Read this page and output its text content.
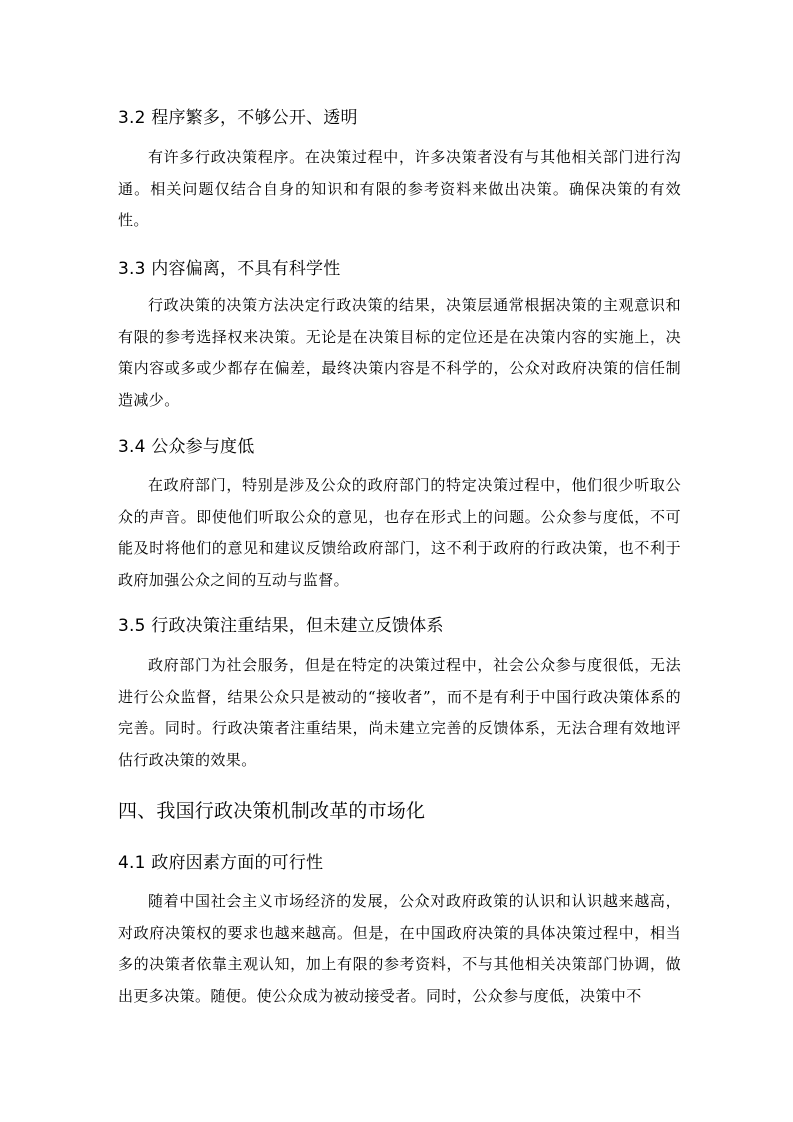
3.2 程序繁多，不够公开、透明

有许多行政决策程序。在决策过程中，许多决策者没有与其他相关部门进行沟通。相关问题仅结合自身的知识和有限的参考资料来做出决策。确保决策的有效性。

3.3 内容偏离，不具有科学性

行政决策的决策方法决定行政决策的结果，决策层通常根据决策的主观意识和有限的参考选择权来决策。无论是在决策目标的定位还是在决策内容的实施上，决策内容或多或少都存在偏差，最终决策内容是不科学的，公众对政府决策的信任制造减少。

3.4 公众参与度低

在政府部门，特别是涉及公众的政府部门的特定决策过程中，他们很少听取公众的声音。即使他们听取公众的意见，也存在形式上的问题。公众参与度低，不可能及时将他们的意见和建议反馈给政府部门，这不利于政府的行政决策，也不利于政府加强公众之间的互动与监督。

3.5 行政决策注重结果，但未建立反馈体系

政府部门为社会服务，但是在特定的决策过程中，社会公众参与度很低，无法进行公众监督，结果公众只是被动的“接收者”，而不是有利于中国行政决策体系的完善。同时。行政决策者注重结果，尚未建立完善的反馈体系，无法合理有效地评估行政决策的效果。

四、我国行政决策机制改革的市场化
4.1 政府因素方面的可行性

随着中国社会主义市场经济的发展，公众对政府政策的认识和认识越来越高，对政府决策权的要求也越来越高。但是，在中国政府决策的具体决策过程中，相当多的决策者依靠主观认知，加上有限的参考资料，不与其他相关决策部门协调，做出更多决策。随便。使公众成为被动接受者。同时，公众参与度低，决策中不
